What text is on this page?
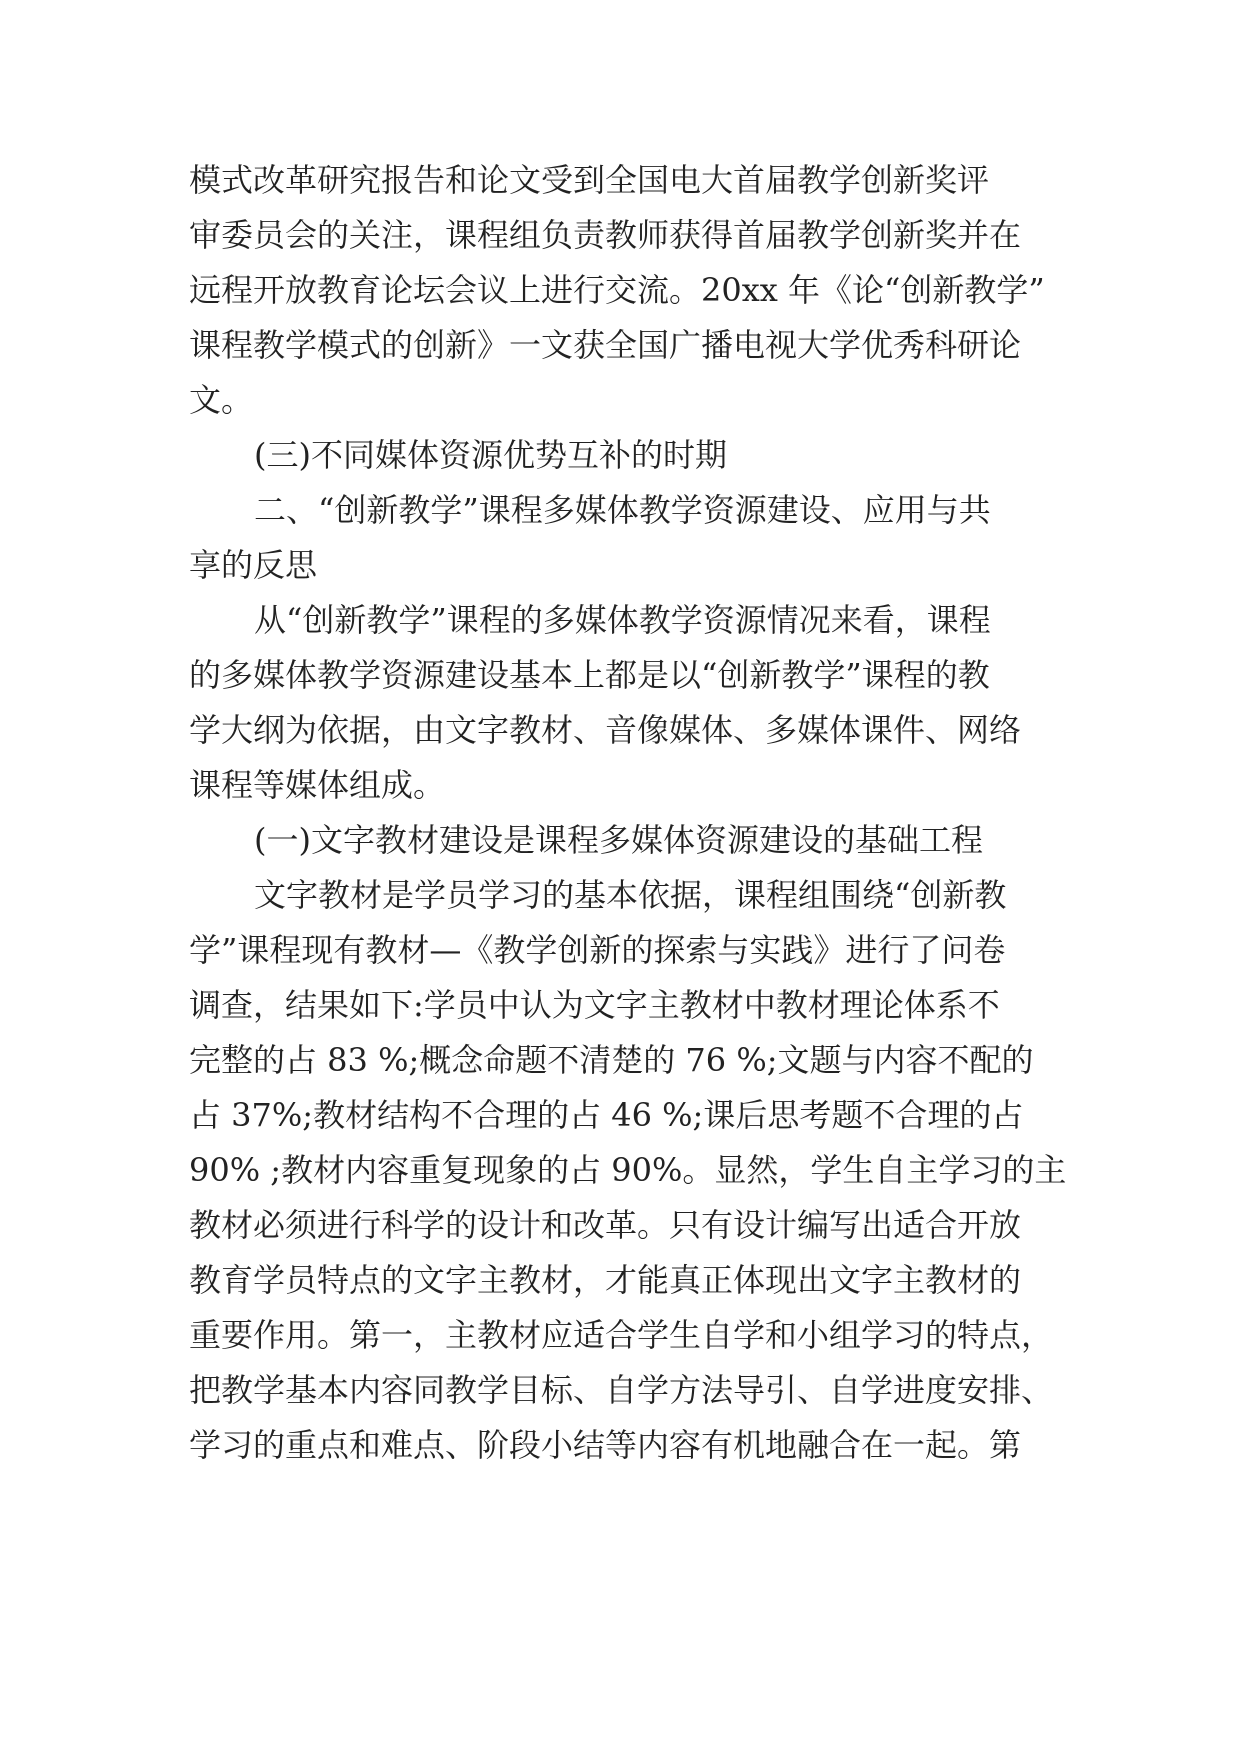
模式改革研究报告和论文受到全国电大首届教学创新奖评

审委员会的关注，课程组负责教师获得首届教学创新奖并在

远程开放教育论坛会议上进行交流。20xx 年《论“创新教学”

课程教学模式的创新》一文获全国广播电视大学优秀科研论

文。

(三)不同媒体资源优势互补的时期

二、“创新教学”课程多媒体教学资源建设、应用与共

享的反思

从“创新教学”课程的多媒体教学资源情况来看，课程

的多媒体教学资源建设基本上都是以“创新教学”课程的教

学大纲为依据，由文字教材、音像媒体、多媒体课件、网络

课程等媒体组成。

(一)文字教材建设是课程多媒体资源建设的基础工程

文字教材是学员学习的基本依据，课程组围绕“创新教

学”课程现有教材—《教学创新的探索与实践》进行了问卷

调查，结果如下:学员中认为文字主教材中教材理论体系不

完整的占 83 %;概念命题不清楚的 76 %;文题与内容不配的

占 37%;教材结构不合理的占 46 %;课后思考题不合理的占

90% ;教材内容重复现象的占 90%。显然，学生自主学习的主

教材必须进行科学的设计和改革。只有设计编写出适合开放

教育学员特点的文字主教材，才能真正体现出文字主教材的

重要作用。第一，主教材应适合学生自学和小组学习的特点，

把教学基本内容同教学目标、自学方法导引、自学进度安排、

学习的重点和难点、阶段小结等内容有机地融合在一起。第
